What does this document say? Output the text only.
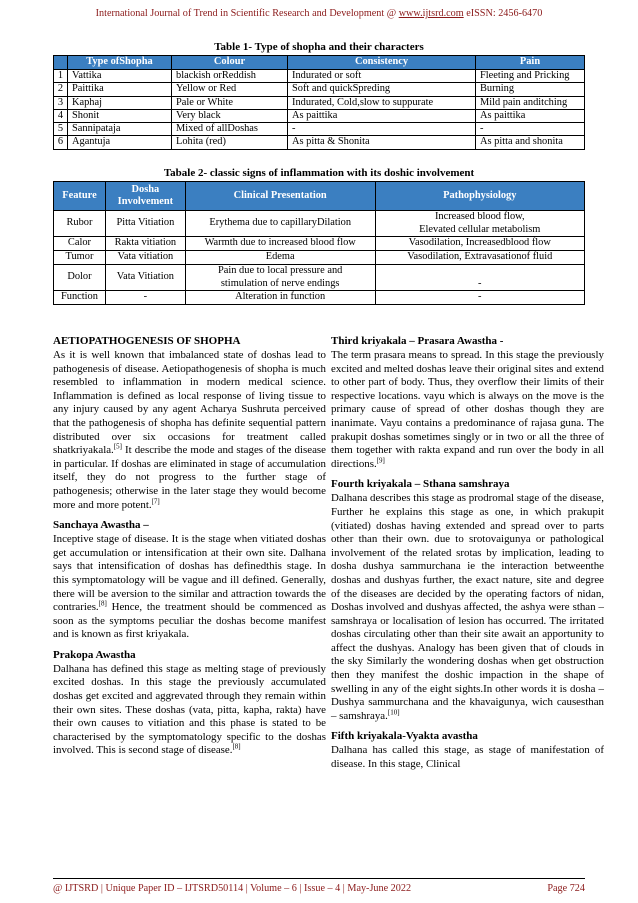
International Journal of Trend in Scientific Research and Development @ www.ijtsrd.com eISSN: 2456-6470
Table 1- Type of shopha and their characters
	Type ofShopha	Colour	Consistency	Pain
1	Vattika	blackish orReddish	Indurated or soft	Fleeting and Pricking
2	Paittika	Yellow or Red	Soft and quickSpreding	Burning
3	Kaphaj	Pale or White	Indurated, Cold,slow to suppurate	Mild pain anditching
4	Shonit	Very black	As paittika	As paittika
5	Sannipataja	Mixed of allDoshas	-	-
6	Agantuja	Lohita (red)	As pitta & Shonita	As pitta and shonita
Tabale 2- classic signs of inflammation with its doshic involvement
Feature	Dosha Involvement	Clinical Presentation	Pathophysiology
Rubor	Pitta Vitiation	Erythema due to capillaryDilation	Increased blood flow,
Elevated cellular metabolism
Calor	Rakta vitiation	Warmth due to increased blood flow	Vasodilation, Increasedblood flow
Tumor	Vata vitiation	Edema	Vasodilation, Extravasationof fluid
Dolor	Vata Vitiation	Pain due to local pressure and
stimulation of nerve endings	-
Function	-	Alteration in function	-
AETIOPATHOGENESIS OF SHOPHA

As it is well known that imbalanced state of doshas lead to pathogenesis of disease. Aetiopathogenesis of shopha is much resembled to inflammation in modern medical science. Inflammation is defined as local response of living tissue to any injury caused by any agent Acharya Sushruta perceived that the pathogenesis of shopha has definite sequential pattern distributed over six occasions for treatment called shatkriyakala.[5] It describe the mode and stages of the disease in particular. If doshas are eliminated in stage of accumulation itself, they do not progress to the further stage of pathogenesis; otherwise in the later stage they would become more and more potent.[7]

Sanchaya Awastha –

Inceptive stage of disease. It is the stage when vitiated doshas get accumulation or intensification at their own site. Dalhana says that intensification of doshas has definedthis stage. In this symptomatology will be vague and ill defined. Generally, there will be aversion to the similar and attraction towards the contraries.[8] Hence, the treatment should be commenced as soon as the symptoms peculiar the doshas become manifest and is known as first kriyakala.

Prakopa Awastha

Dalhana has defined this stage as melting stage of previously excited doshas. In this stage the previously accumulated doshas get excited and aggrevated through they remain within their own sites. These doshas (vata, pitta, kapha, rakta) have their own causes to vitiation and this phase is stated to be characterised by the symptomatology specific to the doshas involved. This is second stage of disease.[8]

Third kriyakala – Prasara Awastha -

The term prasara means to spread. In this stage the previously excited and melted doshas leave their original sites and extend to other part of body. Thus, they overflow their limits of their respective locations. vayu which is always on the move is the primary cause of spread of other doshas though they are inanimate. Vayu contains a predominance of rajasa guna. The prakupit doshas sometimes singly or in two or all the three of them together with rakta expand and run over the body in all directions.[9]

Fourth kriyakala – Sthana samshraya

Dalhana describes this stage as prodromal stage of the disease, Further he explains this stage as one, in which prakupit (vitiated) doshas having extended and spread over to parts other than their own. due to srotovaigunya or pathological involvement of the related srotas by implication, leading to dosha dushya sammurchana ie the interaction betweenthe doshas and dushyas further, the exact nature, site and degree of the diseases are decided by the operating factors of nidan, Doshas involved and dushyas affected, the ashya were sthan – samshraya or localisation of lesion has occurred. The irritated doshas circulating other than their site await an apportunity to affect the dushyas. Analogy has been given that of clouds in the sky Similarly the wondering doshas when get obstruction then they manifest the doshic impaction in the shape of swelling in any of the eight sights.In other words it is dosha – Dushya sammurchana and the khavaigunya, wich causesthan – samshraya.[10]

Fifth kriyakala-Vyakta avastha

Dalhana has called this stage, as stage of manifestation of disease. In this stage, Clinical

@ IJTSRD | Unique Paper ID – IJTSRD50114 | Volume – 6 | Issue – 4 | May-June 2022	Page 724
